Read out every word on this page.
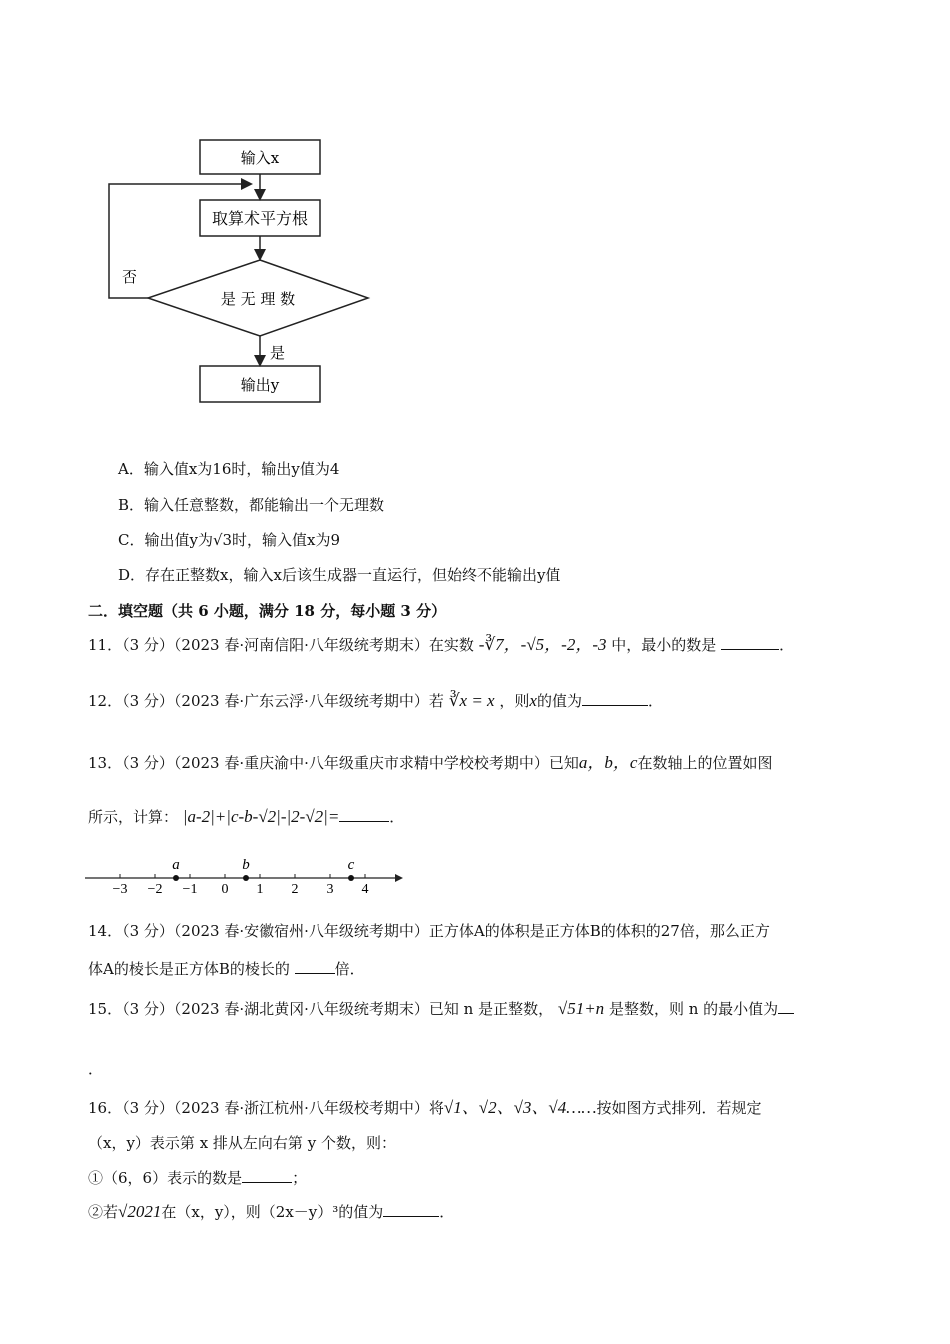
输入x
取算术平方根
是 无 理 数
否
是
输出y
A．输入值x为16时，输出y值为4
B．输入任意整数，都能输出一个无理数
C．输出值y为√3时，输入值x为9
D．存在正整数x，输入x后该生成器一直运行，但始终不能输出y值
二．填空题（共 6 小题，满分 18 分，每小题 3 分）
11．（3 分）（2023 春·河南信阳·八年级统考期末）在实数 -∛7，-√5，-2，-3 中，最小的数是	．
12．（3 分）（2023 春·广东云浮·八年级统考期中）若 ∛x = x ，则x的值为	．
13．（3 分）（2023 春·重庆渝中·八年级重庆市求精中学校校考期中）已知a，b，c在数轴上的位置如图
所示，计算： |a-2|+|c-b-√2|-|2-√2|=	．
−3 −2 −1 0 1 2 3 4
a	b	c
14．（3 分）（2023 春·安徽宿州·八年级统考期中）正方体A的体积是正方体B的体积的27倍，那么正方
体A的棱长是正方体B的棱长的	倍．
15．（3 分）（2023 春·湖北黄冈·八年级统考期末）已知 n 是正整数， √51+n 是整数，则 n 的最小值为
．
16．（3 分）（2023 春·浙江杭州·八年级校考期中）将√1、√2、√3、√4……按如图方式排列．若规定
（x，y）表示第 x 排从左向右第 y 个数，则：
①（6，6）表示的数是	；
②若√2021在（x，y），则（2x－y）³的值为	．
